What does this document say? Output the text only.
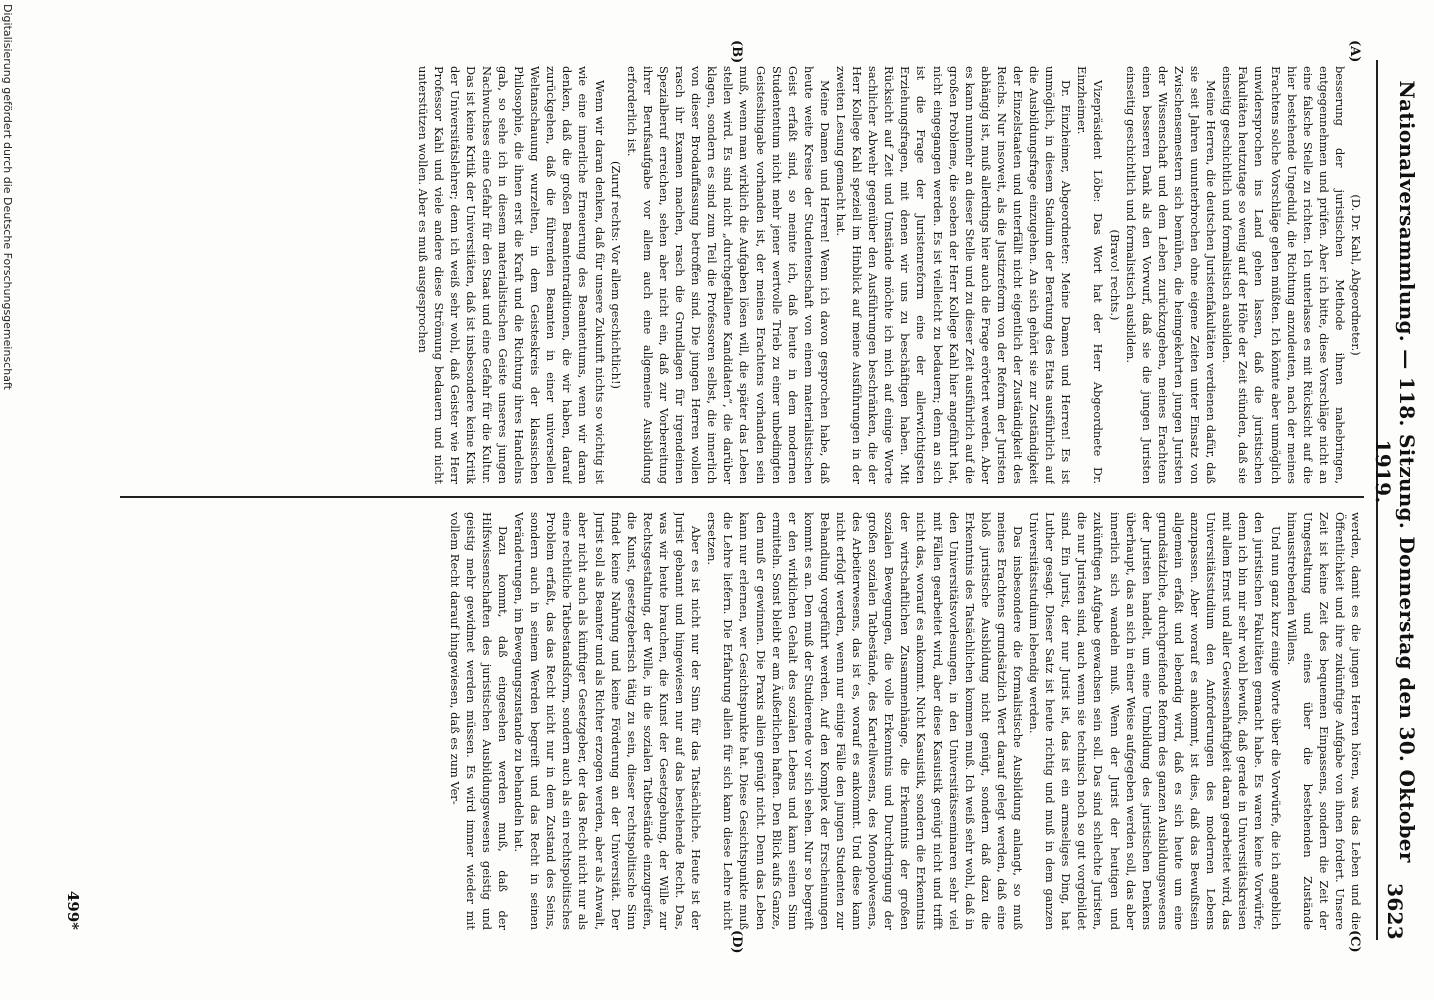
Nationalversammlung. — 118. Sitzung. Donnerstag den 30. Oktober 1919.
3623
(A)
(B)
(C)
(D)

(D. Dr. Kahl, Abgeordneter.)

besserung der juristischen Methode ihnen nahebringen, entgegennehmen und prüfen. Aber ich bitte, diese Vorschläge nicht an eine falsche Stelle zu richten. Ich unterlasse es mit Rücksicht auf die hier bestehende Ungeduld, die Richtung anzudeuten, nach der meines Erachtens solche Vorschläge gehen müßten. Ich könnte aber unmöglich unwidersprochen ins Land gehen lassen, daß die juristischen Fakultäten heutzutage so wenig auf der Höhe der Zeit stünden, daß sie einseitig geschichtlich und formalistisch ausbilden.

Meine Herren, die deutschen Juristenfakultäten verdienen dafür, daß sie seit Jahren ununterbrochen ohne eigene Zeiten unter Einsatz von Zwischensemestern sich bemühen, die heimgekehrten jungen Juristen der Wissenschaft und dem Leben zurückzugeben, meines Erachtens einen besseren Dank als den Vorwurf, daß sie die jungen Juristen einseitig geschichtlich und formalistisch ausbilden.

(Bravo! rechts.)

Vizepräsident Löbe: Das Wort hat der Herr Abgeordnete Dr. Einzheimer.

Dr. Einzheimer, Abgeordneter: Meine Damen und Herren! Es ist unmöglich, in diesem Stadium der Beratung des Etats ausführlich auf die Ausbildungsfrage einzugehen. An sich gehört sie zur Zuständigkeit der Einzelstaaten und unterfällt nicht eigentlich der Zuständigkeit des Reichs. Nur insoweit, als die Justizreform von der Reform der Juristen abhängig ist, muß allerdings hier auch die Frage erörtert werden. Aber es kann nunmehr an dieser Stelle und zu dieser Zeit ausführlich auf die großen Probleme, die soeben der Herr Kollege Kahl hier angeführt hat, nicht eingegangen werden. Es ist vielleicht zu bedauern; denn an sich ist die Frage der Juristenreform eine der allerwichtigsten Erziehungsfragen, mit denen wir uns zu beschäftigen haben. Mit Rücksicht auf Zeit und Umstände möchte ich mich auf einige Worte sachlicher Abwehr gegenüber den Ausführungen beschränken, die der Herr Kollege Kahl speziell im Hinblick auf meine Ausführungen in der zweiten Lesung gemacht hat.

Meine Damen und Herren! Wenn ich davon gesprochen habe, daß heute weite Kreise der Studentenschaft von einem materialistischen Geist erfaßt sind, so meinte ich, daß heute in dem modernen Studententum nicht mehr jener wertvolle Trieb zu einer unbedingten Geisteshingabe vorhanden ist, der meines Erachtens vorhanden sein muß, wenn man wirklich die Aufgaben lösen will, die später das Leben stellen wird. Es sind nicht „durchgefallene Kandidaten“, die darüber klagen, sondern es sind zum Teil die Professoren selbst, die innerlich von dieser Brodauffassung betroffen sind. Die jungen Herren wollen rasch ihr Examen machen, rasch die Grundlagen für irgendeinen Spezialberuf erreichen, sehen aber nicht ein, daß zur Vorbereitung ihrer Berufsaufgabe vor allem auch eine allgemeine Ausbildung erforderlich ist.

(Zuruf rechts: Vor allem geschichtlich!)

Wenn wir daran denken, daß für unsere Zukunft nichts so wichtig ist wie eine innerliche Erneuerung des Beamtentums, wenn wir daran denken, daß die großen Beamtentraditionen, die wir haben, darauf zurückgehen, daß die führenden Beamten in einer universellen Weltanschauung wurzelten, in dem Geisteskreis der klassischen Philosophie, die ihnen erst die Kraft und die Richtung ihres Handelns gab, so sehe ich in diesem materialistischen Geiste unseres jungen Nachwuchses eine Gefahr für den Staat und eine Gefahr für die Kultur. Das ist keine Kritik der Universitäten, daß ist insbesondere keine Kritik der Universitätslehrer; denn ich weiß sehr wohl, daß Geister wie Herr Professor Kahl und viele andere diese Strömung bedauern und nicht unterstützen wollen. Aber es muß ausgesprochen

werden, damit es die jungen Herren hören, was das Leben und die Öffentlichkeit und ihre zukünftige Aufgabe von ihnen fordert. Unsere Zeit ist keine Zeit des bequemen Einpassens, sondern die Zeit der Umgestaltung und eines über die bestehenden Zustände hinausstrebenden Willens.

Und nun ganz kurz einige Worte über die Vorwürfe, die ich angeblich den juristischen Fakultäten gemacht habe. Es waren keine Vorwürfe; denn ich bin mir sehr wohl bewußt, daß gerade in Universitätskreisen mit allem Ernst und aller Gewissenhaftigkeit daran gearbeitet wird, das Universitätsstudium den Anforderungen des modernen Lebens anzupassen. Aber worauf es ankommt, ist dies, daß das Bewußtsein allgemein erfaßt und lebendig wird, daß es sich heute um eine grundsätzliche, durchgreifende Reform des ganzen Ausbildungswesens der Juristen handelt, um eine Umbildung des juristischen Denkens überhaupt, das an sich in einer Weise aufgegeben werden soll, das aber innerlich sich wandeln muß. Wenn der Jurist der heutigen und zukünftigen Aufgabe gewachsen sein soll. Das sind schlechte Juristen, die nur Juristen sind, auch wenn sie technisch noch so gut vorgebildet sind. Ein Jurist, der nur Jurist ist, das ist ein armseliges Ding, hat Luther gesagt. Dieser Satz ist heute richtig und muß in dem ganzen Universitätsstudium lebendig werden.

Das insbesondere die formalistische Ausbildung anlangt, so muß meines Erachtens grundsätzlich Wert darauf gelegt werden, daß eine bloß juristische Ausbildung nicht genügt, sondern daß dazu die Erkenntnis des Tatsächlichen kommen muß. Ich weiß sehr wohl, daß in den Universitätsvorlesungen, in den Universitätsseminaren sehr viel mit Fällen gearbeitet wird, aber diese Kasuistik genügt nicht und trifft nicht das, worauf es ankommt. Nicht Kasuistik, sondern die Erkenntnis der wirtschaftlichen Zusammenhänge, die Erkenntnis der großen sozialen Bewegungen, die volle Erkenntnis und Durchdringung der großen sozialen Tatbestände, des Kartellwesens, des Monopolwesens, des Arbeiterwesens, das ist es, worauf es ankommt. Und diese kann nicht erfolgt werden, wenn nur einige Fälle den jungen Studenten zur Behandlung vorgeführt werden. Auf den Komplex der Erscheinungen kommt es an. Den muß der Studierende vor sich sehen. Nur so begreift er den wirklichen Gehalt des sozialen Lebens und kann seinen Sinn ermitteln. Sonst bleibt er am Äußerlichen haften. Den Blick aufs Ganze, den muß er gewinnen. Die Praxis allein genügt nicht. Denn das Leben kann nur erlernen, wer Gesichtspunkte hat. Diese Gesichtspunkte muß die Lehre liefern. Die Erfahrung allein für sich kann diese Lehre nicht ersetzen.

Aber es ist nicht nur der Sinn für das Tatsächliche. Heute ist der Jurist gebannt und hingewiesen nur auf das bestehende Recht. Das, was wir heute brauchen, die Kunst der Gesetzgebung, der Wille zur Rechtsgestaltung, der Wille, in die sozialen Tatbestände einzugreifen, die Kunst, gesetzgeberisch tätig zu sein, dieser rechtspolitische Sinn findet keine Nahrung und keine Förderung an der Universität. Der Jurist soll als Beamter und als Richter erzogen werden, aber als Anwalt, aber nicht auch als künftiger Gesetzgeber, der das Recht nicht nur als eine rechtliche Tatbestandsform, sondern auch als ein rechtspolitisches Problem erfaßt, das das Recht nicht nur in dem Zustand des Seins, sondern auch in seinem Werden begreift und das Recht in seinen Veränderungen, im Bewegungszustande zu behandeln hat.

Dazu kommt, daß eingesehen werden muß, daß der Hilfswissenschaften des juristischen Ausbildungswesens geistig und geistig mehr gewidmet werden müssen. Es wird immer wieder mit vollem Recht darauf hingewiesen, daß es zum Ver-

499*
Digitalisierung gefördert durch die Deutsche Forschungsgemeinschaft
